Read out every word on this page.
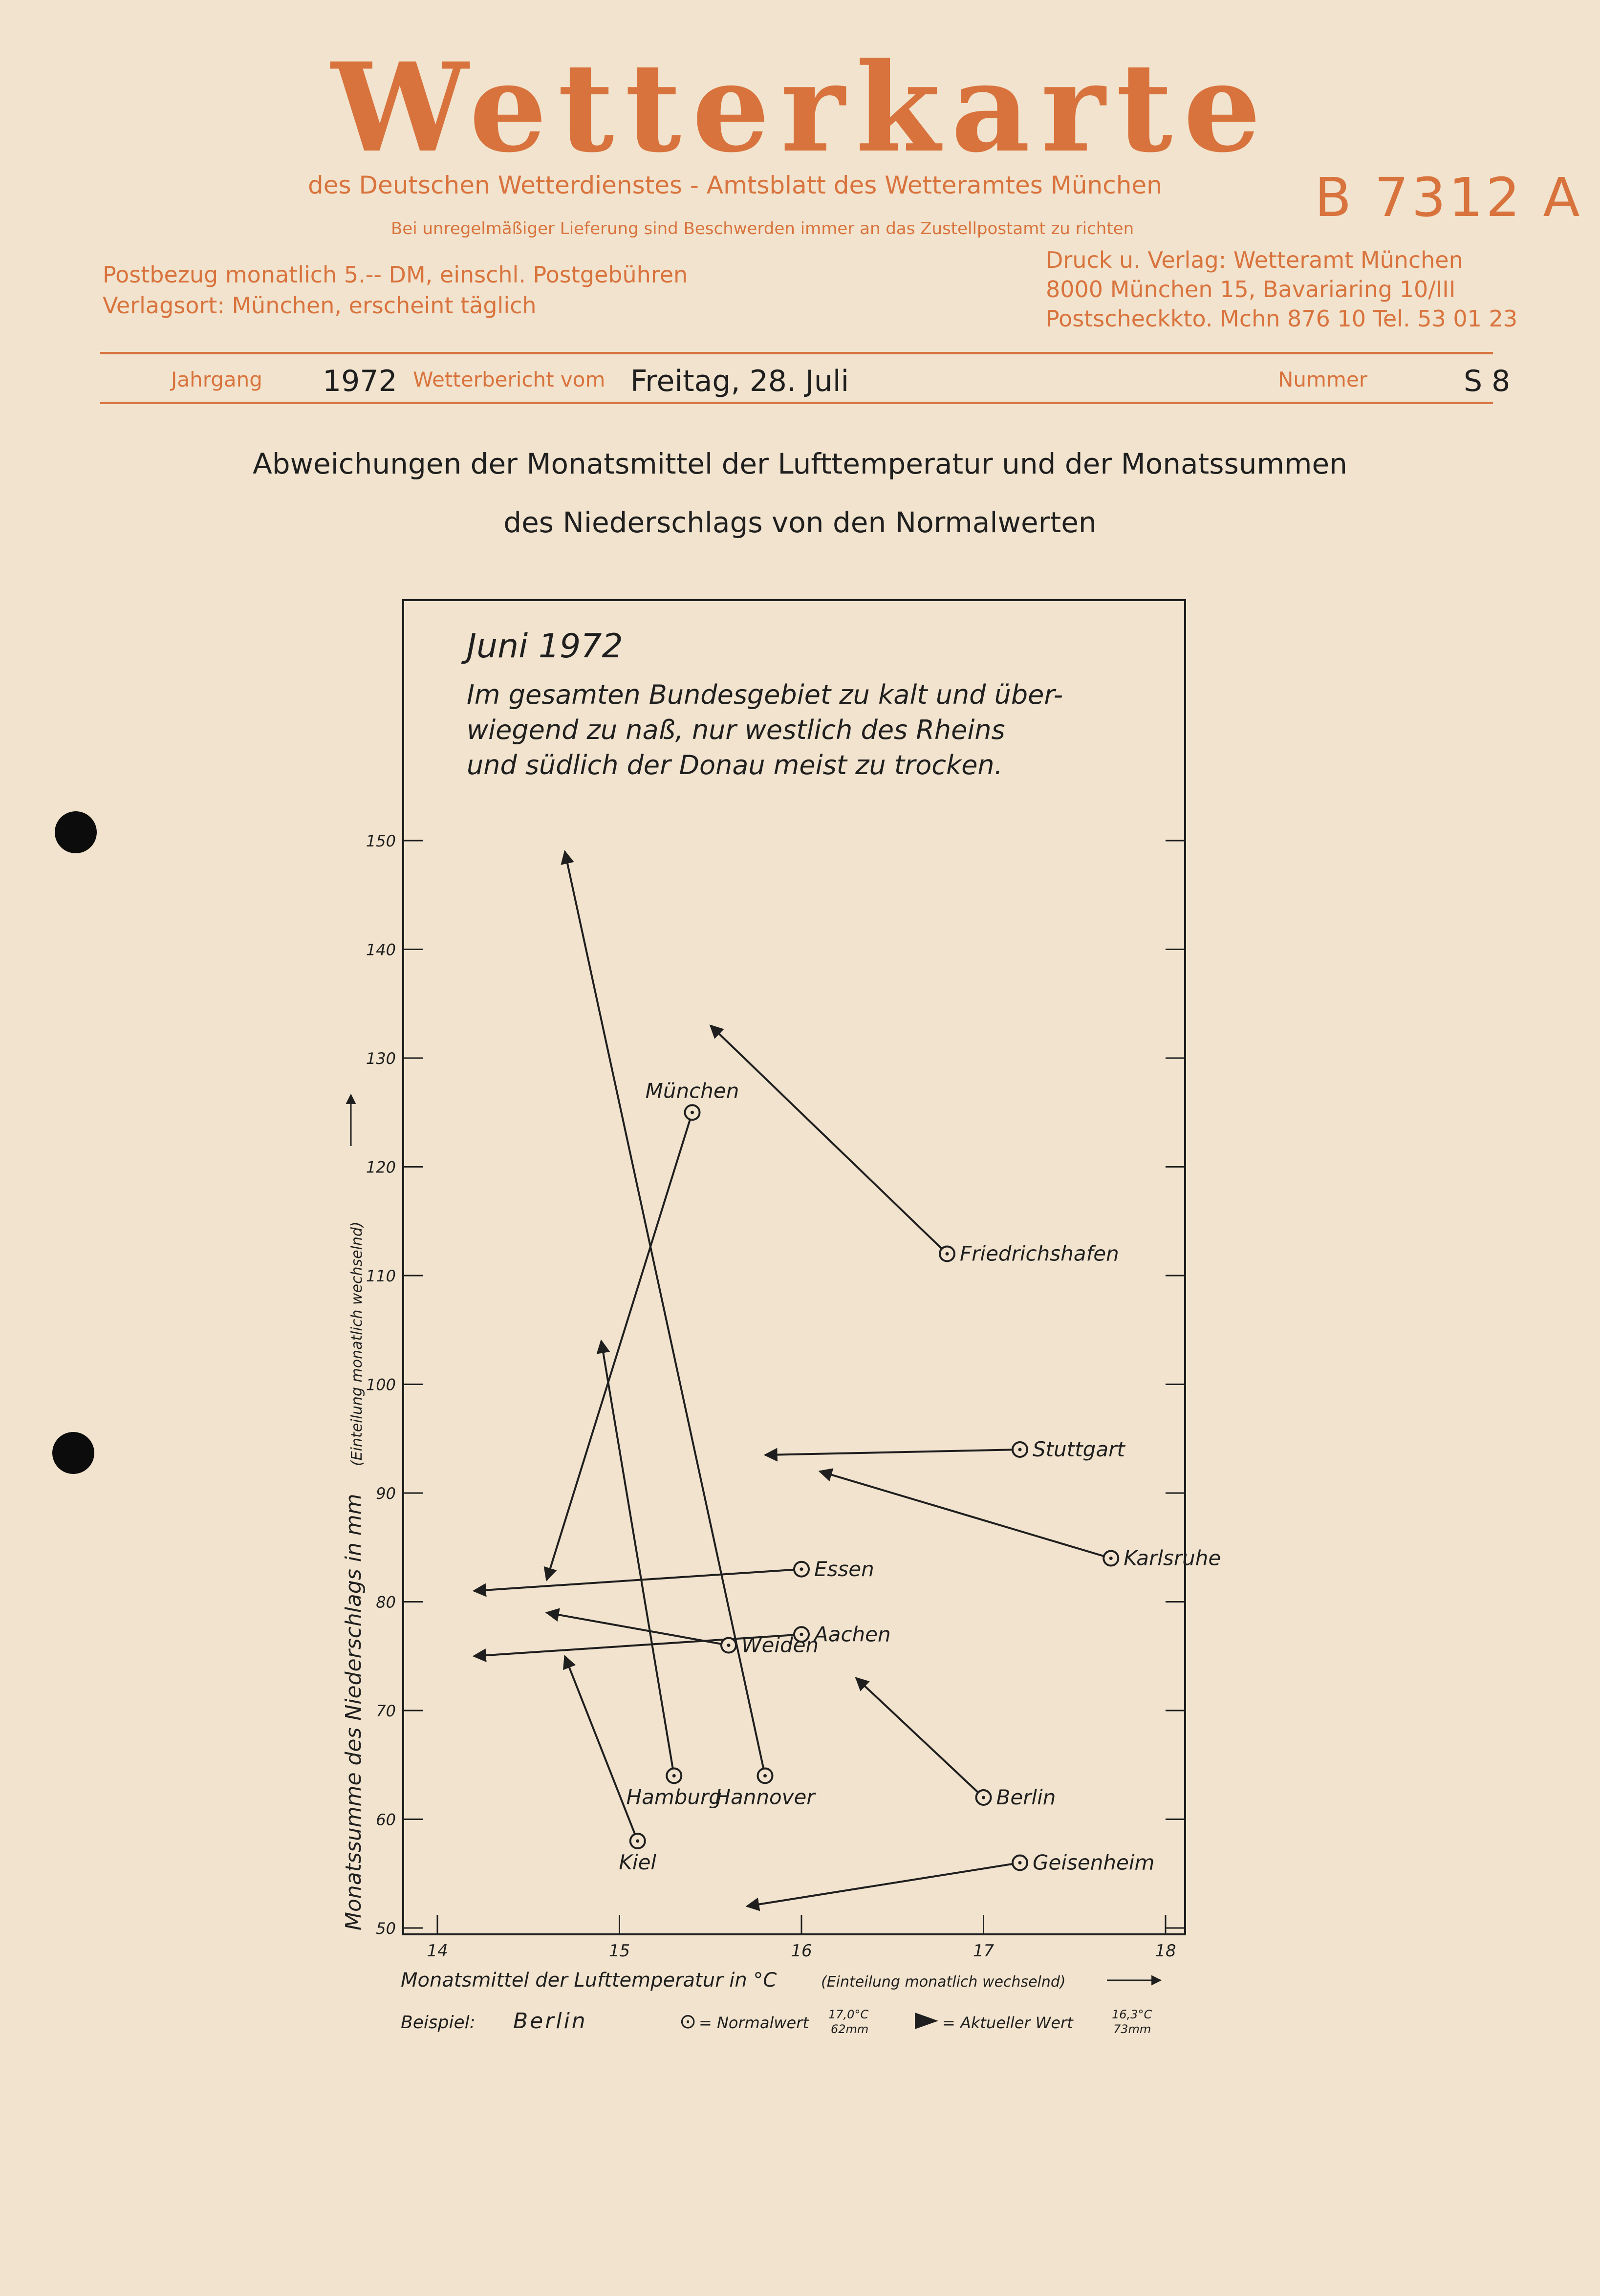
Wetterkarte

des Deutschen Wetterdienstes - Amtsblatt des Wetteramtes München	B 7312 A

Bei unregelmäßiger Lieferung sind Beschwerden immer an das Zustellpostamt zu richten

Postbezug monatlich 5.-- DM, einschl. Postgebühren

Verlagsort: München, erscheint täglich

Druck u. Verlag: Wetteramt München

8000 München 15, Bavariaring 10/III

Postscheckkto. Mchn 876 10 Tel. 53 01 23

Jahrgang 1972 Wetterbericht vom Freitag, 28. Juli	Nummer	S 8

Abweichungen der Monatsmittel der Lufttemperatur und der Monatssummen

des Niederschlags von den Normalwerten

Juni 1972
Im gesamten Bundesgebiet zu kalt und über-
wiegend zu naß, nur westlich des Rheins
und südlich der Donau meist zu trocken.
50
60
70
80
90
100
110
120
130
140
150
14	15	16	17	18
München
Friedrichshafen
Stuttgart
Karlsruhe
Essen
Aachen
Weiden
Hamburg
Hannover	Berlin
Kiel	Geisenheim
Monatsmittel der Lufttemperatur in °C	(Einteilung monatlich wechselnd)
Monatssumme des Niederschlags in mm
(Einteilung monatlich wechselnd)
Beispiel: Berlin	⊙ = Normalwert 17,0°C
62mm	= Aktueller Wert	16,3°C
73mm
